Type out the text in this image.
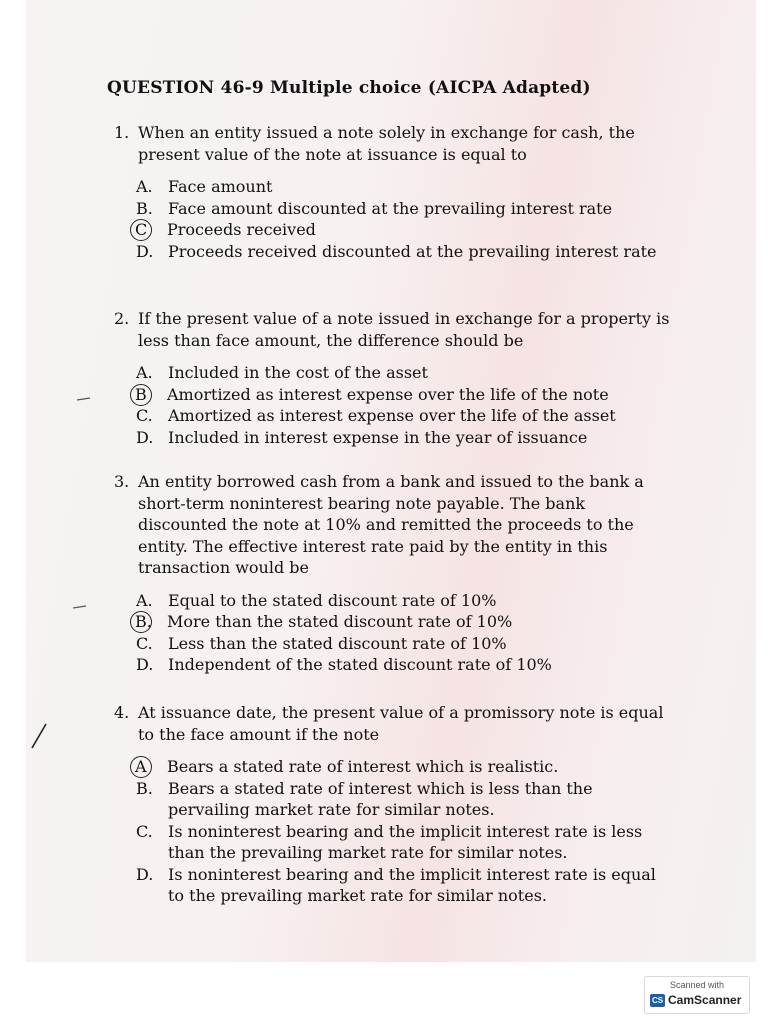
QUESTION 46-9 Multiple choice (AICPA Adapted)
1. When an entity issued a note solely in exchange for cash, the present value of the note at issuance is equal to
A. Face amount
B. Face amount discounted at the prevailing interest rate
C	Proceeds received
D. Proceeds received discounted at the prevailing interest rate
2. If the present value of a note issued in exchange for a property is less than face amount, the difference should be
A. Included in the cost of the asset
B	Amortized as interest expense over the life of the note
C. Amortized as interest expense over the life of the asset
D. Included in interest expense in the year of issuance
3. An entity borrowed cash from a bank and issued to the bank a short-term noninterest bearing note payable. The bank discounted the note at 10% and remitted the proceeds to the entity. The effective interest rate paid by the entity in this transaction would be
A. Equal to the stated discount rate of 10%
B. More than the stated discount rate of 10%
C. Less than the stated discount rate of 10%
D. Independent of the stated discount rate of 10%
4. At issuance date, the present value of a promissory note is equal to the face amount if the note
A	Bears a stated rate of interest which is realistic.
B. Bears a stated rate of interest which is less than the pervailing market rate for similar notes.
C. Is noninterest bearing and the implicit interest rate is less than the prevailing market rate for similar notes.
D. Is noninterest bearing and the implicit interest rate is equal to the prevailing market rate for similar notes.
Scanned with
CS CamScanner
